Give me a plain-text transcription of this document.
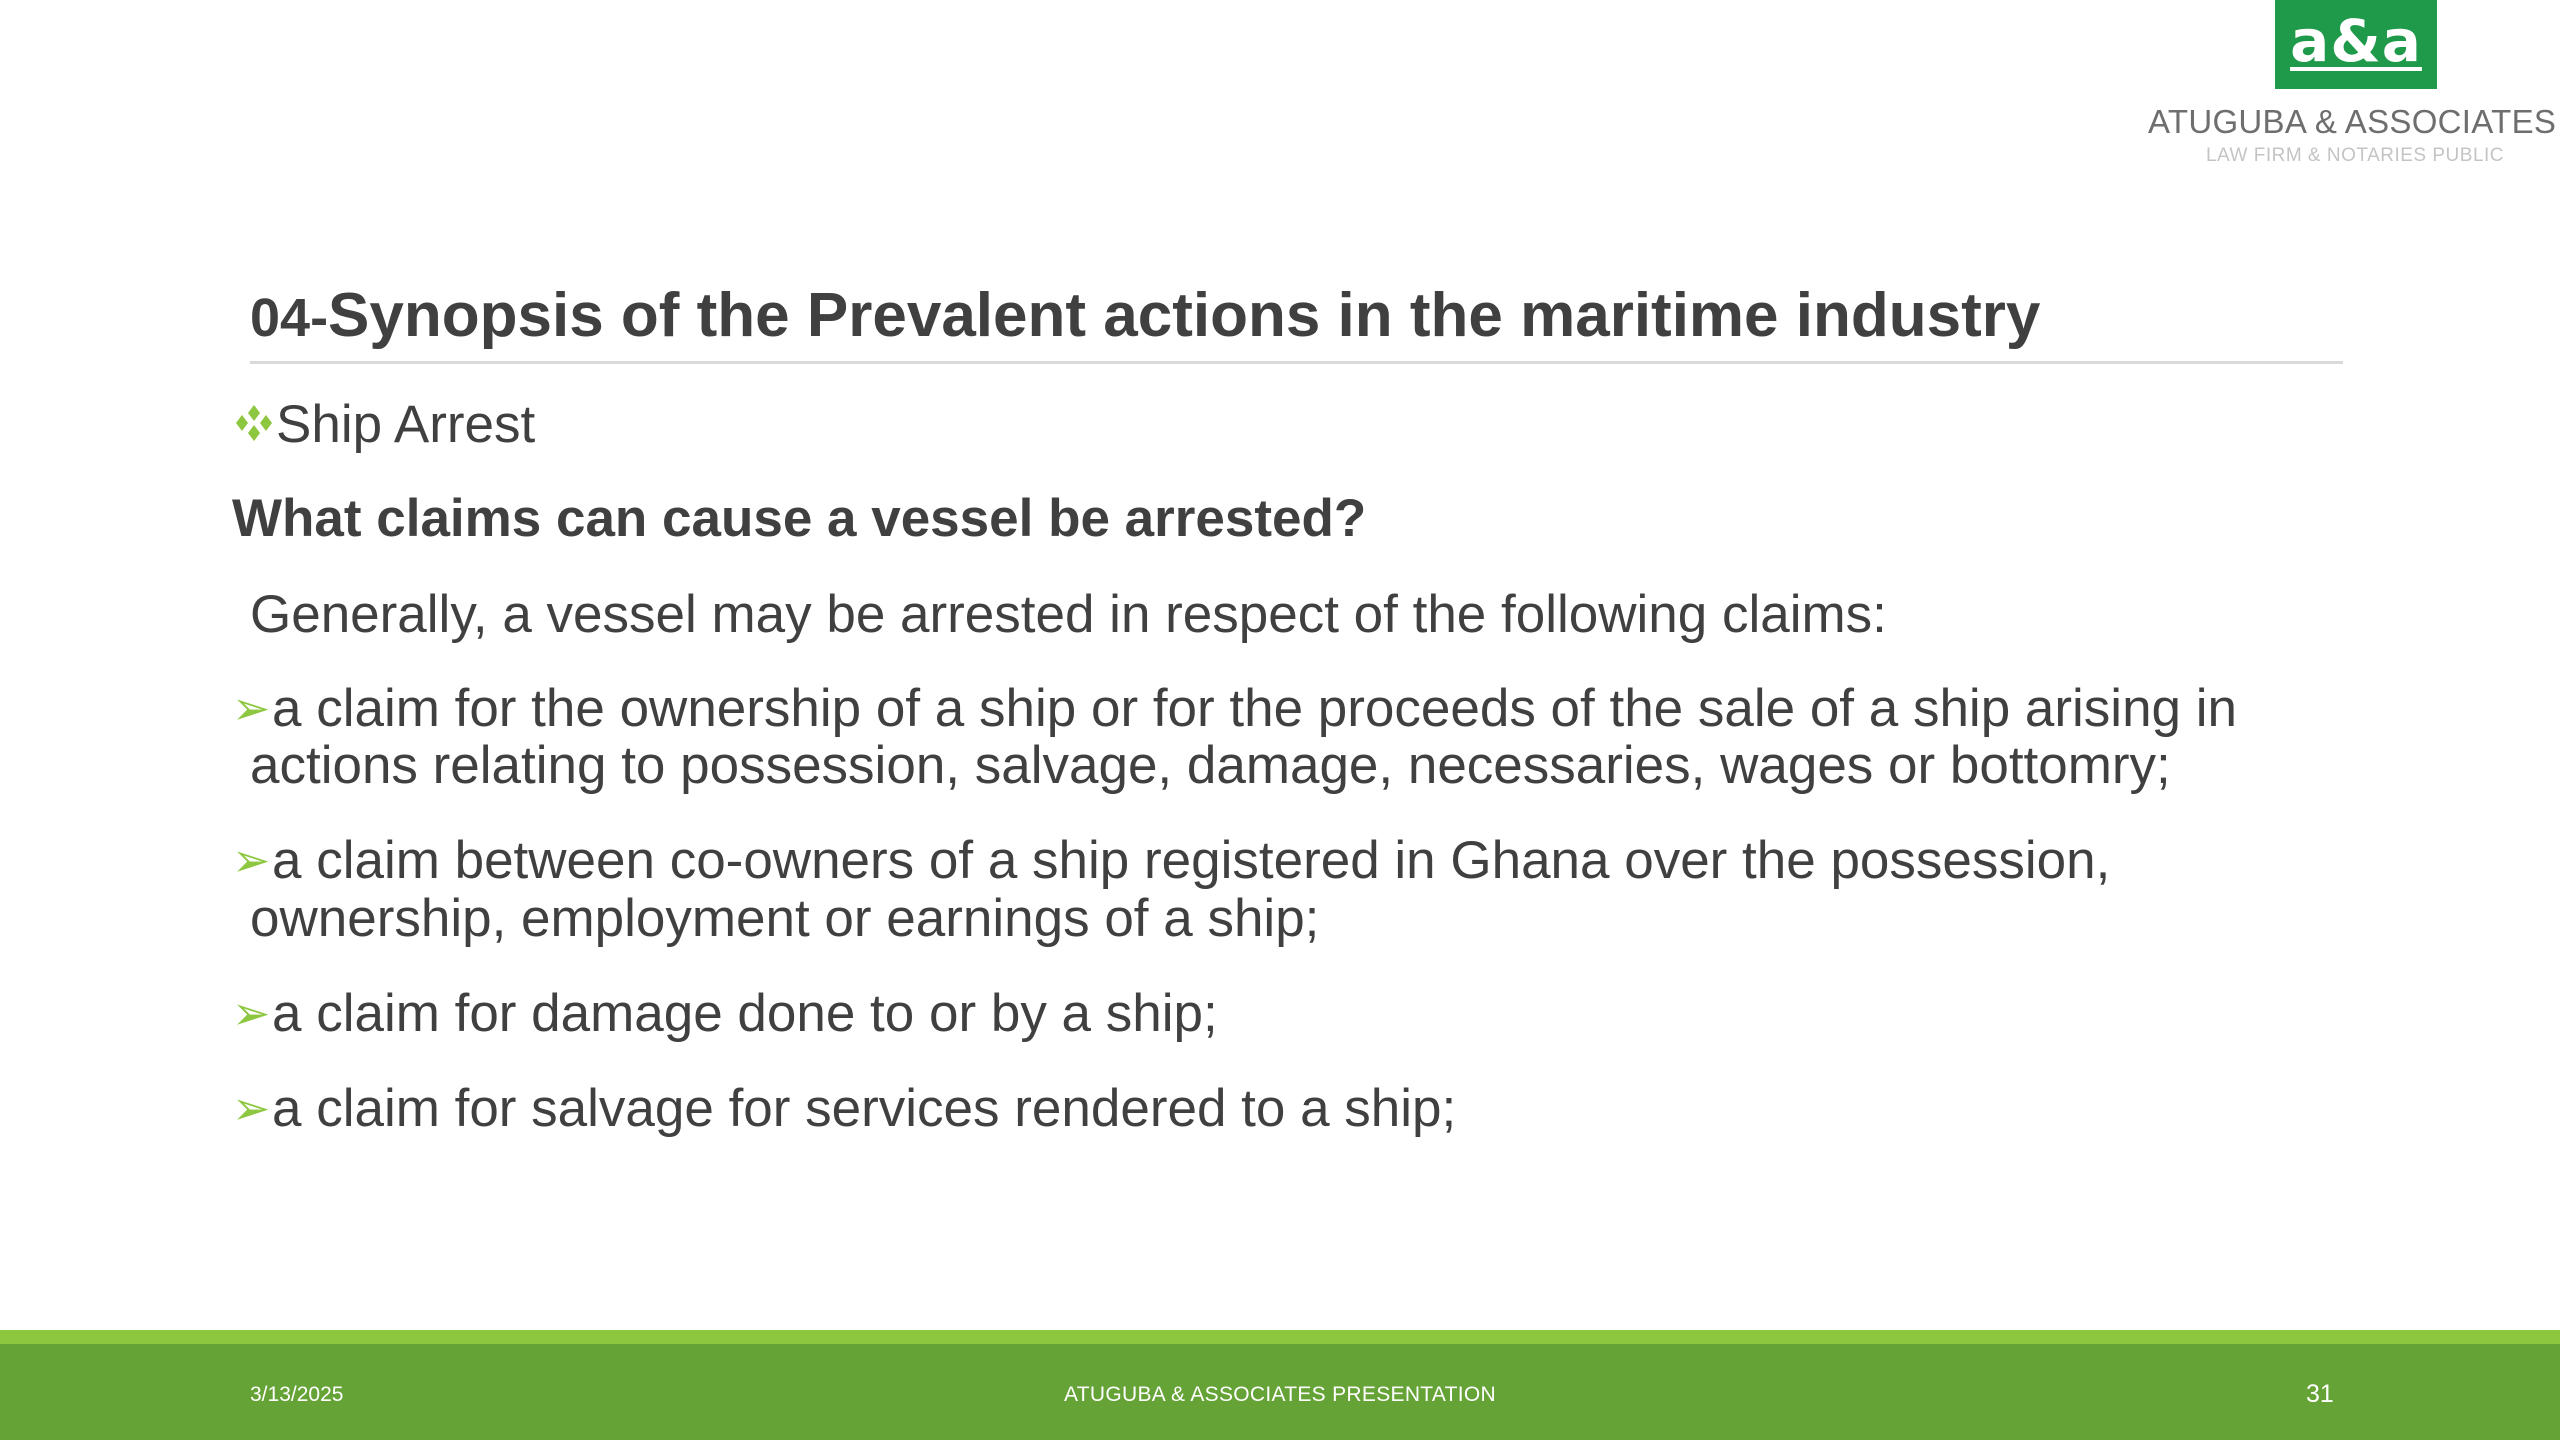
a&a
ATUGUBA & ASSOCIATES
LAW FIRM & NOTARIES PUBLIC
04-Synopsis of the Prevalent actions in the maritime industry
Ship Arrest
What claims can cause a vessel be arrested?
Generally, a vessel may be arrested in respect of the following claims:
➢a claim for the ownership of a ship or for the proceeds of the sale of a ship arising in
actions relating to possession, salvage, damage, necessaries, wages or bottomry;
➢a claim between co-owners of a ship registered in Ghana over the possession,
ownership, employment or earnings of a ship;
➢a claim for damage done to or by a ship;
➢a claim for salvage for services rendered to a ship;
3/13/2025	ATUGUBA & ASSOCIATES PRESENTATION	31
